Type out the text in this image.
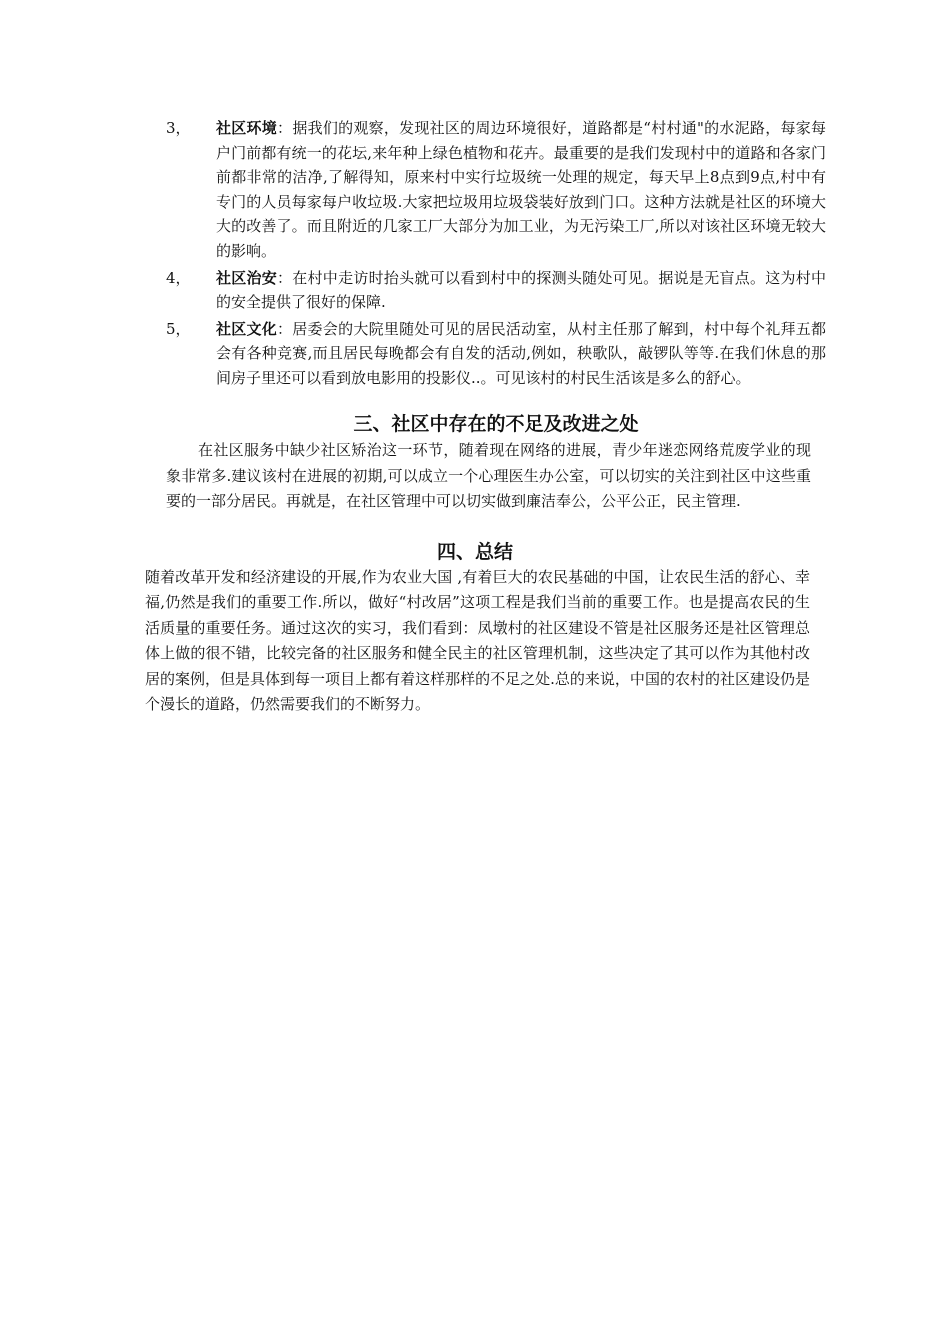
3，	社区环境：据我们的观察，发现社区的周边环境很好，道路都是“村村通"的水泥路，每家每户门前都有统一的花坛,来年种上绿色植物和花卉。最重要的是我们发现村中的道路和各家门前都非常的洁净,了解得知，原来村中实行垃圾统一处理的规定，每天早上8点到9点,村中有专门的人员每家每户收垃圾.大家把垃圾用垃圾袋装好放到门口。这种方法就是社区的环境大大的改善了。而且附近的几家工厂大部分为加工业，为无污染工厂,所以对该社区环境无较大的影响。
4，	社区治安：在村中走访时抬头就可以看到村中的探测头随处可见。据说是无盲点。这为村中的安全提供了很好的保障.
5，	社区文化：居委会的大院里随处可见的居民活动室，从村主任那了解到，村中每个礼拜五都会有各种竞赛,而且居民每晚都会有自发的活动,例如，秧歌队，敲锣队等等.在我们休息的那间房子里还可以看到放电影用的投影仪..。可见该村的村民生活该是多么的舒心。
三、社区中存在的不足及改进之处

在社区服务中缺少社区矫治这一环节，随着现在网络的进展，青少年迷恋网络荒废学业的现象非常多.建议该村在进展的初期,可以成立一个心理医生办公室，可以切实的关注到社区中这些重要的一部分居民。再就是，在社区管理中可以切实做到廉洁奉公，公平公正，民主管理.

四、总结

随着改革开发和经济建设的开展,作为农业大国 ,有着巨大的农民基础的中国，让农民生活的舒心、幸福,仍然是我们的重要工作.所以，做好“村改居”这项工程是我们当前的重要工作。也是提高农民的生活质量的重要任务。通过这次的实习，我们看到：凤墩村的社区建设不管是社区服务还是社区管理总体上做的很不错，比较完备的社区服务和健全民主的社区管理机制，这些决定了其可以作为其他村改居的案例，但是具体到每一项目上都有着这样那样的不足之处.总的来说，中国的农村的社区建设仍是个漫长的道路，仍然需要我们的不断努力。
